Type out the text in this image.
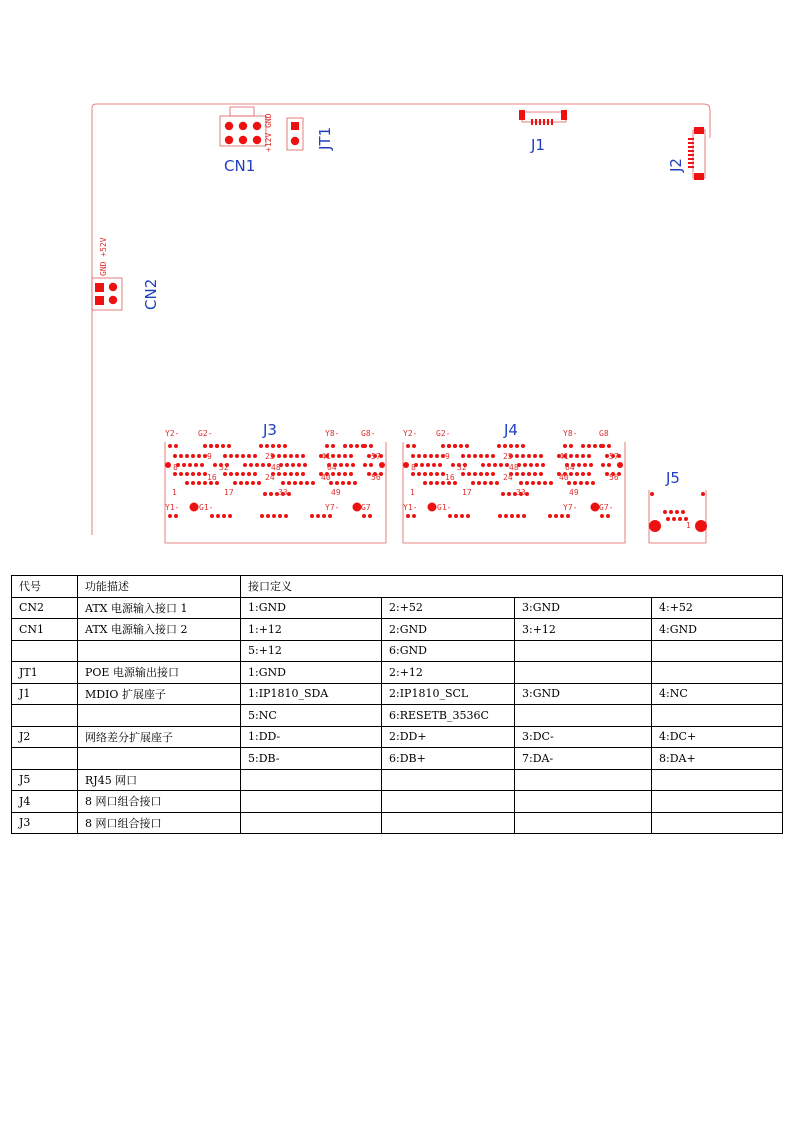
+12V GND
CN1
JT1	J1
J2
GND +52V
CN2
Y2- G2-	Y8-	G8-
9	25	41	57
8	32	48	64
16	24	40	56
1	17	33	49
Y1- G1-	Y7-	G7
J3	Y2- G2-	Y8-	G8
9	25	41	57
8	32	48	64
16	24	40	56
1	17	33	49
Y1- G1-	Y7-	G7-
J4
1
J5
代号	功能描述	接口定义			
CN2	ATX 电源输入接口 1	1:GND	2:+52	3:GND	4:+52
CN1	ATX 电源输入接口 2	1:+12	2:GND	3:+12	4:GND
		5:+12	6:GND		
JT1	POE 电源输出接口	1:GND	2:+12		
J1	MDIO 扩展座子	1:IP1810_SDA	2:IP1810_SCL	3:GND	4:NC
		5:NC	6:RESETB_3536C		
J2	网络差分扩展座子	1:DD-	2:DD+	3:DC-	4:DC+
		5:DB-	6:DB+	7:DA-	8:DA+
J5	RJ45 网口				
J4	8 网口组合接口				
J3	8 网口组合接口				
